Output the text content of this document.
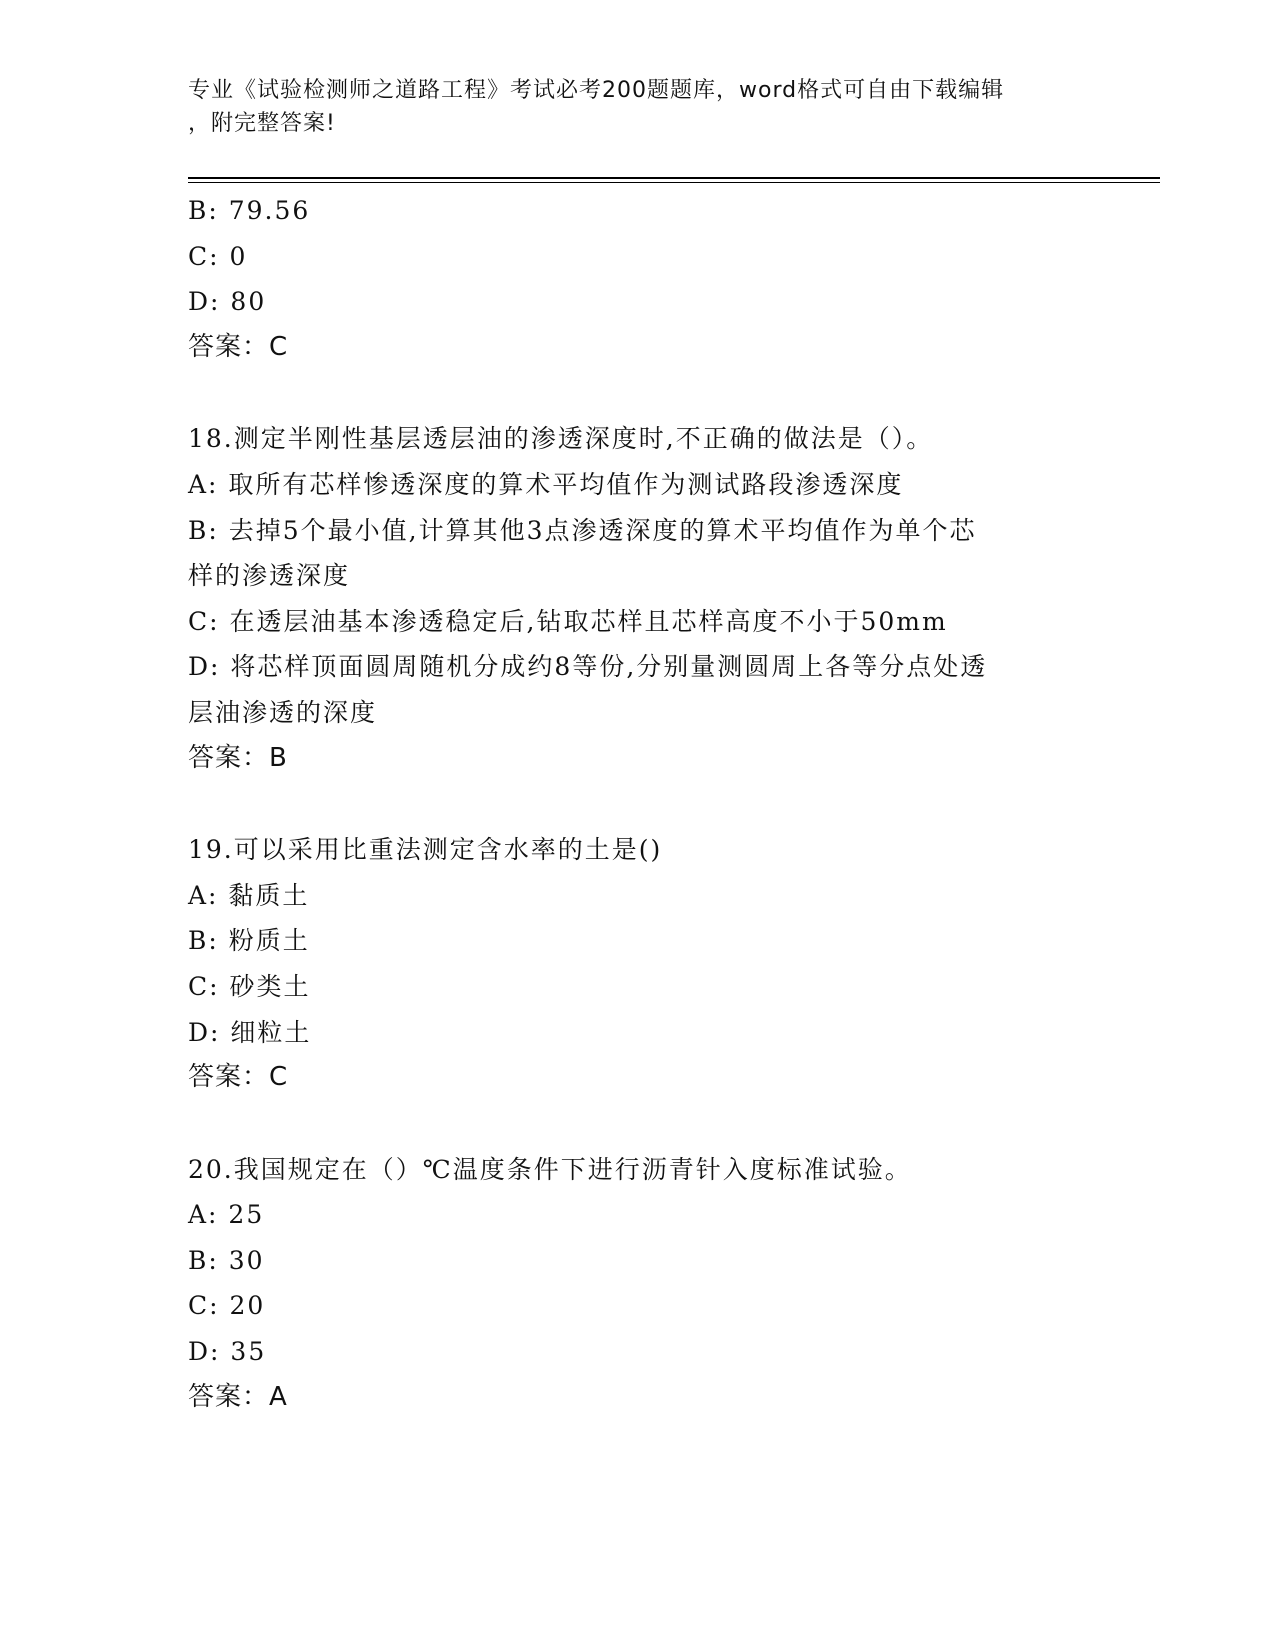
专业《试验检测师之道路工程》考试必考200题题库，word格式可自由下载编辑
，附完整答案!
B: 79.56
C: 0
D: 80
答案：C
18.测定半刚性基层透层油的渗透深度时,不正确的做法是（）。
A: 取所有芯样惨透深度的算术平均值作为测试路段渗透深度
B: 去掉5个最小值,计算其他3点渗透深度的算术平均值作为单个芯
样的渗透深度
C: 在透层油基本渗透稳定后,钻取芯样且芯样高度不小于50mm
D: 将芯样顶面圆周随机分成约8等份,分别量测圆周上各等分点处透
层油渗透的深度
答案：B
19.可以采用比重法测定含水率的土是()
A: 黏质土
B: 粉质土
C: 砂类土
D: 细粒土
答案：C
20.我国规定在（）℃温度条件下进行沥青针入度标准试验。
A: 25
B: 30
C: 20
D: 35
答案：A
